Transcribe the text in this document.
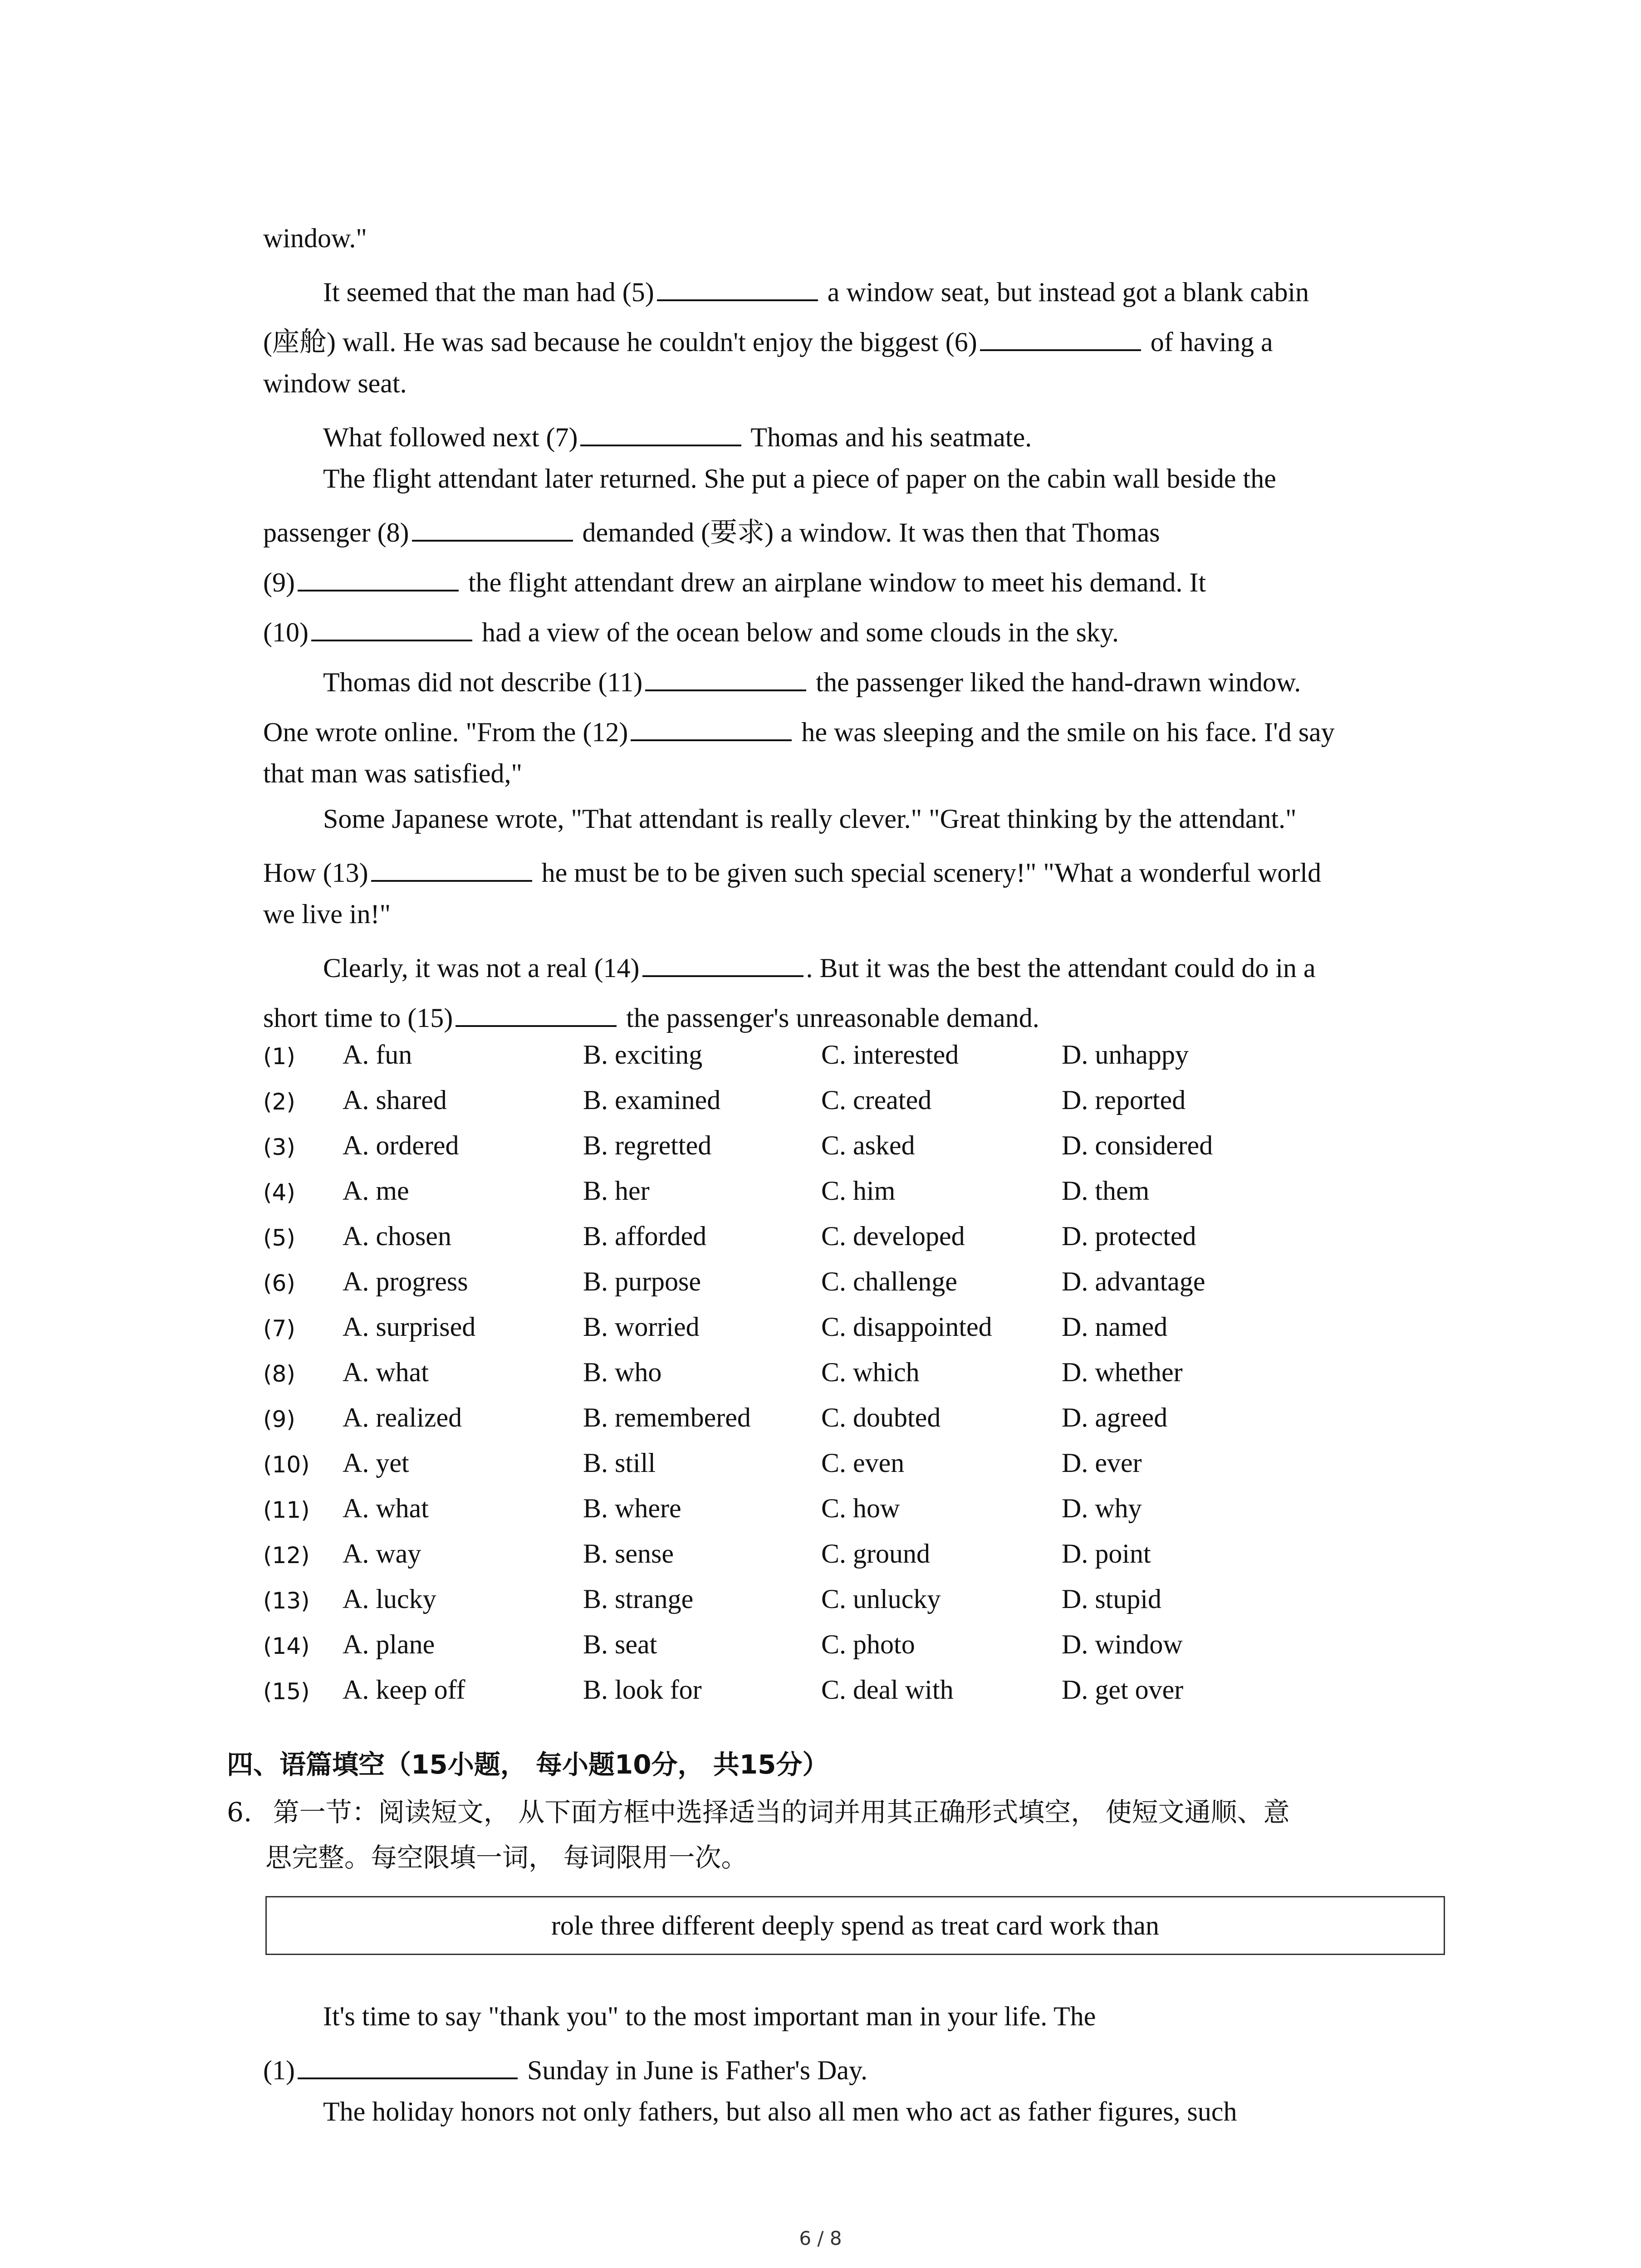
window."
It seemed that the man had (5)	a window seat, but instead got a blank cabin
(座舱) wall. He was sad because he couldn't enjoy the biggest (6)	of having a
window seat.
What followed next (7)	Thomas and his seatmate.
The flight attendant later returned. She put a piece of paper on the cabin wall beside the
passenger (8)	demanded (要求) a window. It was then that Thomas
(9)	the flight attendant drew an airplane window to meet his demand. It
(10)	had a view of the ocean below and some clouds in the sky.
Thomas did not describe (11)	the passenger liked the hand-drawn window.
One wrote online. "From the (12)	he was sleeping and the smile on his face. I'd say
that man was satisfied,"
Some Japanese wrote, "That attendant is really clever." "Great thinking by the attendant."
How (13)	he must be to be given such special scenery!" "What a wonderful world
we live in!"
Clearly, it was not a real (14)	. But it was the best the attendant could do in a
short time to (15)	the passenger's unreasonable demand.
(1) A. fun	B. exciting	C. interested	D. unhappy
(2) A. shared	B. examined	C. created	D. reported
(3) A. ordered	B. regretted	C. asked	D. considered
(4) A. me	B. her	C. him	D. them
(5) A. chosen	B. afforded	C. developed	D. protected
(6) A. progress	B. purpose	C. challenge	D. advantage
(7) A. surprised	B. worried	C. disappointed	D. named
(8) A. what	B. who	C. which	D. whether
(9) A. realized	B. remembered	C. doubted	D. agreed
(10) A. yet	B. still	C. even	D. ever
(11) A. what	B. where	C. how	D. why
(12) A. way	B. sense	C. ground	D. point
(13) A. lucky	B. strange	C. unlucky	D. stupid
(14) A. plane	B. seat	C. photo	D. window
(15) A. keep off	B. look for	C. deal with	D. get over
四、语篇填空（15小题， 每小题10分， 共15分）
6. 第一节：阅读短文， 从下面方框中选择适当的词并用其正确形式填空， 使短文通顺、意
思完整。每空限填一词， 每词限用一次。
role three different deeply spend as treat card work than
It's time to say "thank you" to the most important man in your life. The
(1)	Sunday in June is Father's Day.
The holiday honors not only fathers, but also all men who act as father figures, such
6 / 8
